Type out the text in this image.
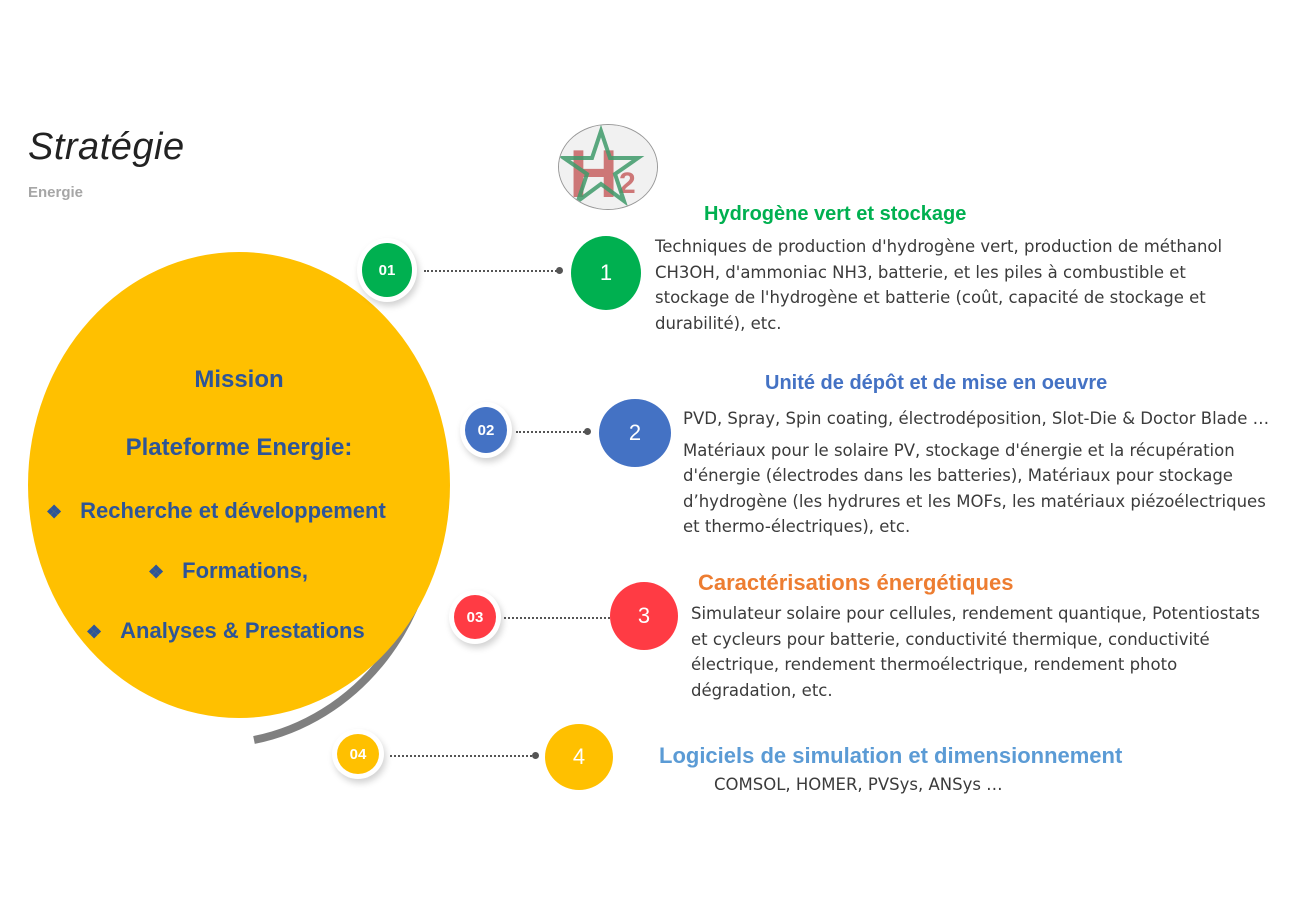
Stratégie
Energie	H 2
Mission
Plateforme Energie:
❖ Recherche et développement
❖ Formations,
❖ Analyses & Prestations
01	1
Hydrogène vert et stockage
Techniques de production d'hydrogène vert, production de méthanol
CH3OH, d'ammoniac NH3, batterie, et les piles à combustible et
stockage de l'hydrogène et batterie (coût, capacité de stockage et
durabilité), etc.
02	2
Unité de dépôt et de mise en oeuvre
PVD, Spray, Spin coating, électrodéposition, Slot-Die & Doctor Blade …
Matériaux pour le solaire PV, stockage d'énergie et la récupération
d'énergie (électrodes dans les batteries), Matériaux pour stockage
d’hydrogène (les hydrures et les MOFs, les matériaux piézoélectriques
et thermo-électriques), etc.
03	3
Caractérisations énergétiques
Simulateur solaire pour cellules, rendement quantique, Potentiostats
et cycleurs pour batterie, conductivité thermique, conductivité
électrique, rendement thermoélectrique, rendement photo
dégradation, etc.
04	4	Logiciels de simulation et dimensionnement
COMSOL, HOMER, PVSys, ANSys …
